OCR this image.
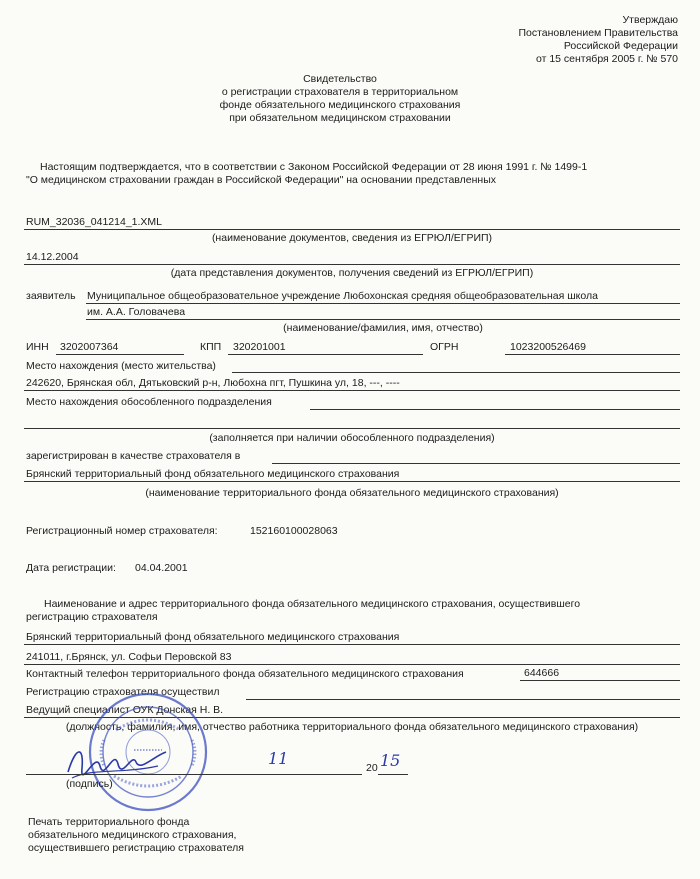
Утверждаю
Постановлением Правительства
Российской Федерации
от 15 сентября 2005 г. № 570
Свидетельство
о регистрации страхователя в территориальном
фонде обязательного медицинского страхования
при обязательном медицинском страховании
Настоящим подтверждается, что в соответствии с Законом Российской Федерации от 28 июня 1991 г. № 1499-1
"О медицинском страховании граждан в Российской Федерации" на основании представленных
RUM_32036_041214_1.XML
(наименование документов, сведения из ЕГРЮЛ/ЕГРИП)
14.12.2004
(дата представления документов, получения сведений из ЕГРЮЛ/ЕГРИП)
заявитель Муниципальное общеобразовательное учреждение Любохонская средняя общеобразовательная школа
им. А.А. Головачева
(наименование/фамилия, имя, отчество)
ИНН 3202007364	КПП 320201001	ОГРН	1023200526469
Место нахождения (место жительства)
242620, Брянская обл, Дятьковский р-н, Любохна пгт, Пушкина ул, 18, ---, ----
Место нахождения обособленного подразделения
(заполняется при наличии обособленного подразделения)
зарегистрирован в качестве страхователя в
Брянский территориальный фонд обязательного медицинского страхования
(наименование территориального фонда обязательного медицинского страхования)
Регистрационный номер страхователя:	152160100028063
Дата регистрации: 04.04.2001
Наименование и адрес территориального фонда обязательного медицинского страхования, осуществившего
регистрацию страхователя
Брянский территориальный фонд обязательного медицинского страхования
241011, г.Брянск, ул. Софьи Перовской 83
Контактный телефон территориального фонда обязательного медицинского страхования	644666
Регистрацию страхователя осуществил
Ведущий специалист ОУК Донская Н. В.
(должность, фамилия, имя, отчество работника территориального фонда обязательного медицинского страхования)
11	20 15
(подпись)
Печать территориального фонда
обязательного медицинского страхования,
осуществившего регистрацию страхователя
